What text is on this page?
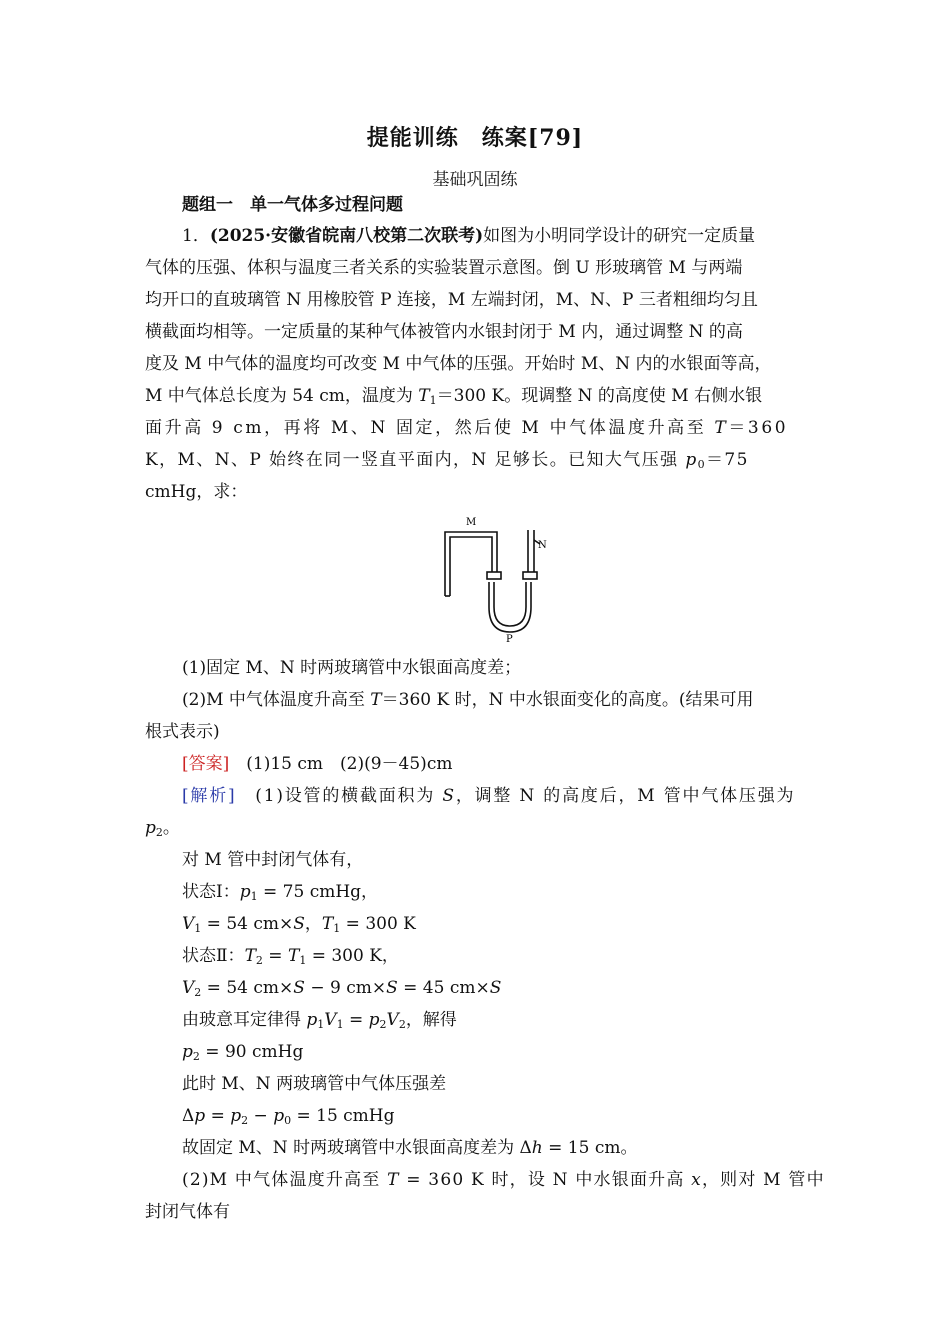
提能训练　练案[79]
基础巩固练
题组一　单一气体多过程问题
1．(2025·安徽省皖南八校第二次联考)如图为小明同学设计的研究一定质量
气体的压强、体积与温度三者关系的实验装置示意图。倒 U 形玻璃管 M 与两端
均开口的直玻璃管 N 用橡胶管 P 连接，M 左端封闭，M、N、P 三者粗细均匀且
横截面均相等。一定质量的某种气体被管内水银封闭于 M 内，通过调整 N 的高
度及 M 中气体的温度均可改变 M 中气体的压强。开始时 M、N 内的水银面等高，
M 中气体总长度为 54 cm，温度为 $T_1=300$ K。现调整 N 的高度使 M 右侧水银
面升高 9 cm，再将 M、N 固定，然后使 M 中气体温度升高至 T＝360
K，M、N、P 始终在同一竖直平面内，N 足够长。已知大气压强 $p_0=75$
cmHg，求：
M
N
P
(1)固定 M、N 时两玻璃管中水银面高度差；
(2)M 中气体温度升高至 T＝360 K 时，N 中水银面变化的高度。(结果可用
根式表示)
[答案]　 (1)15 cm　(2)(9－45)cm
[解析]　 (1)设管的横截面积为 S，调整 N 的高度后，M 管中气体压强为
$p_2$。
对 M 管中封闭气体有，
状态Ⅰ：$p_1 = 75$ cmHg，
$V_1 = 54$ cm×S，$T_1 = 300$ K
状态Ⅱ：$T_2 = T_1 = 300$ K，
$V_2 = 54$ cm×S − 9 cm×S = 45 cm×S
由玻意耳定律得 $p_1V_1 = p_2V_2$，解得
$p_2 = 90$ cmHg
此时 M、N 两玻璃管中气体压强差
$\Delta p = p_2 - p_0 = 15$ cmHg
故固定 M、N 时两玻璃管中水银面高度差为 Δh = 15 cm。
(2)M 中气体温度升高至 T = 360 K 时，设 N 中水银面升高 x，则对 M 管中
封闭气体有
